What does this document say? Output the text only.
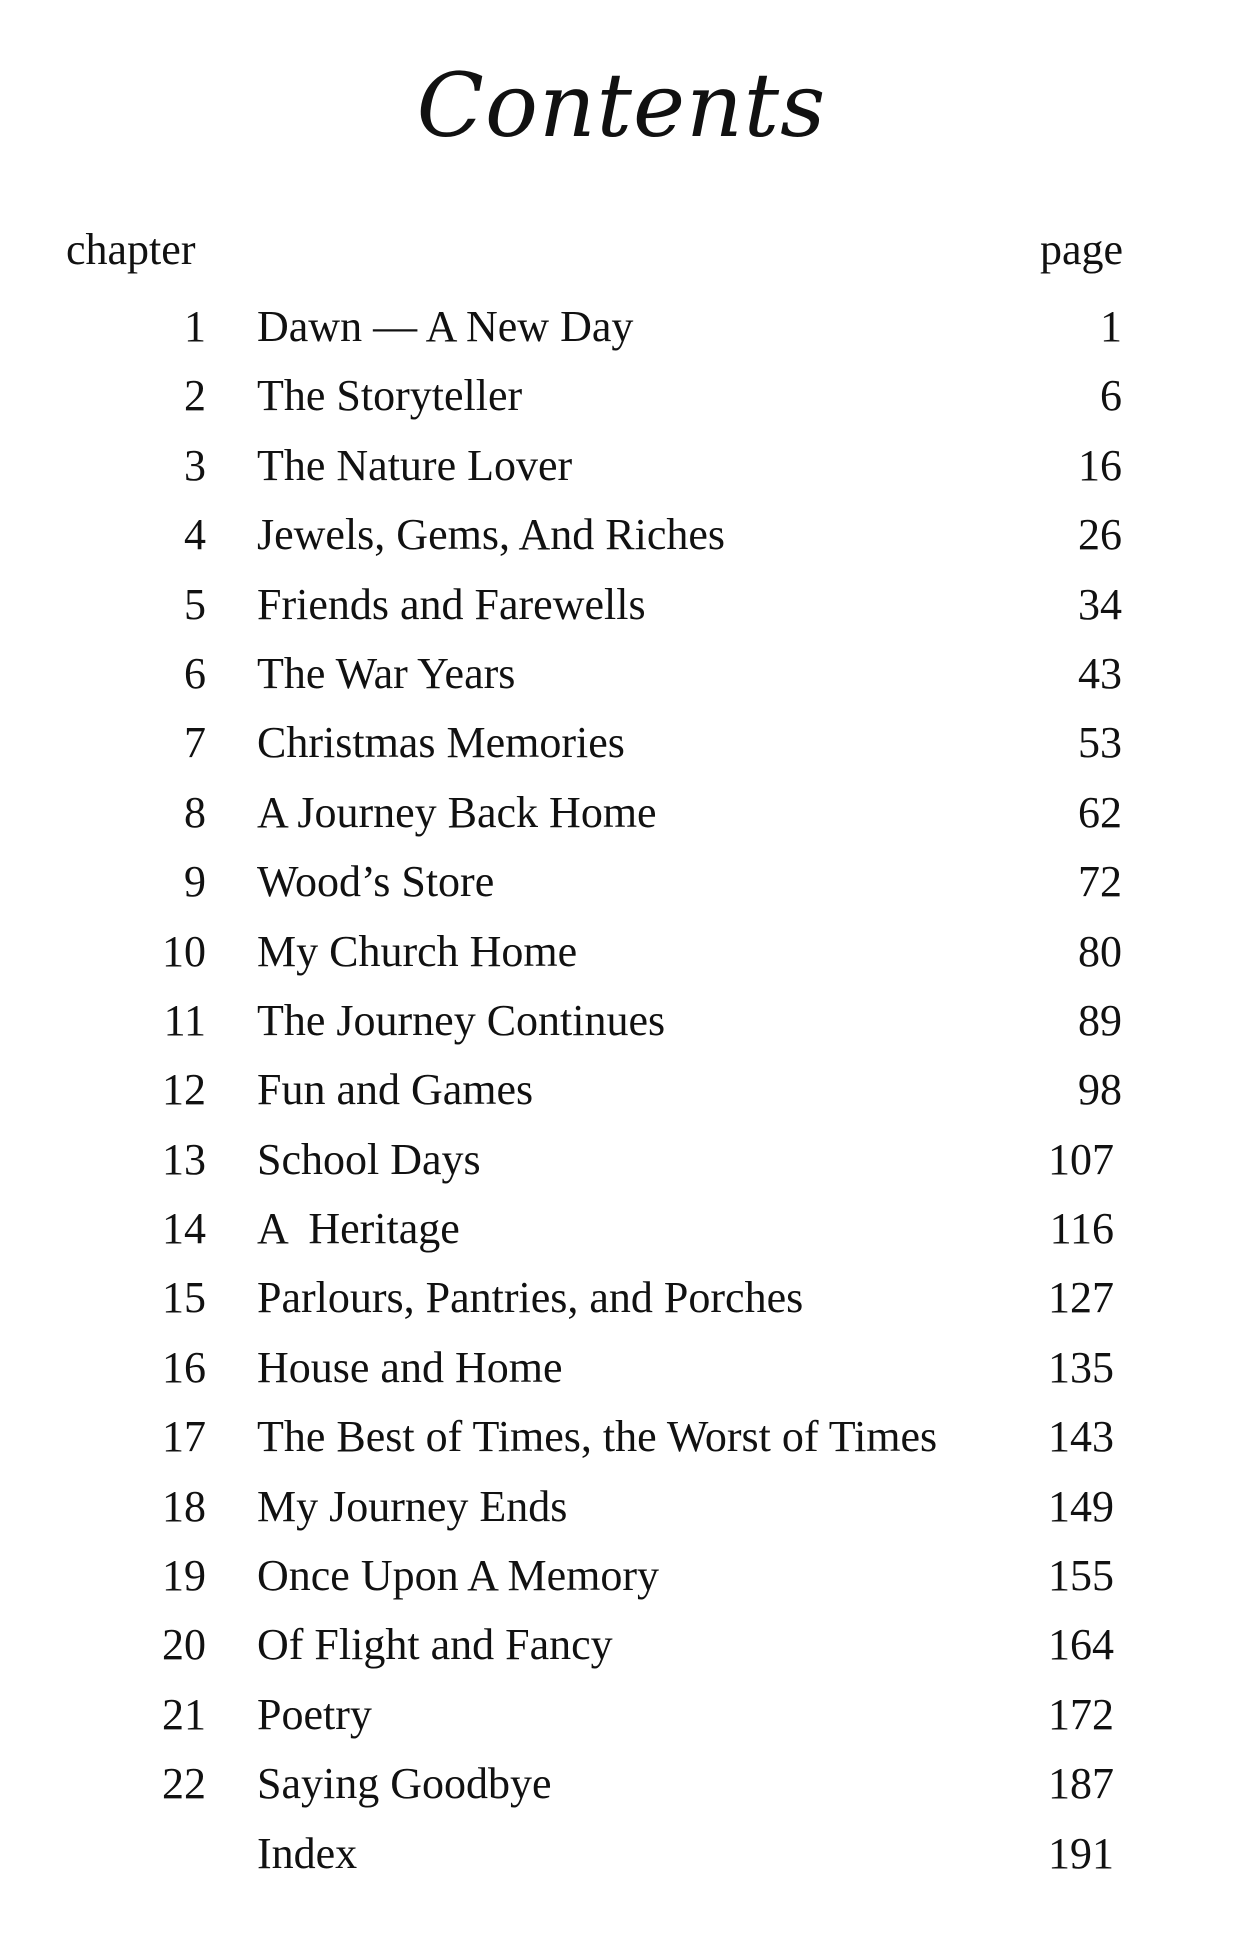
Contents
chapter	page
1 Dawn — A New Day	1
2 The Storyteller	6
3 The Nature Lover	16
4 Jewels, Gems, And Riches	26
5 Friends and Farewells	34
6 The War Years	43
7 Christmas Memories	53
8 A Journey Back Home	62
9 Wood’s Store	72
10 My Church Home	80
11 The Journey Continues	89
12 Fun and Games	98
13 School Days	107
14 A  Heritage	116
15 Parlours, Pantries, and Porches	127
16 House and Home	135
17 The Best of Times, the Worst of Times	143
18 My Journey Ends	149
19 Once Upon A Memory	155
20 Of Flight and Fancy	164
21 Poetry	172
22 Saying Goodbye	187
Index	191
